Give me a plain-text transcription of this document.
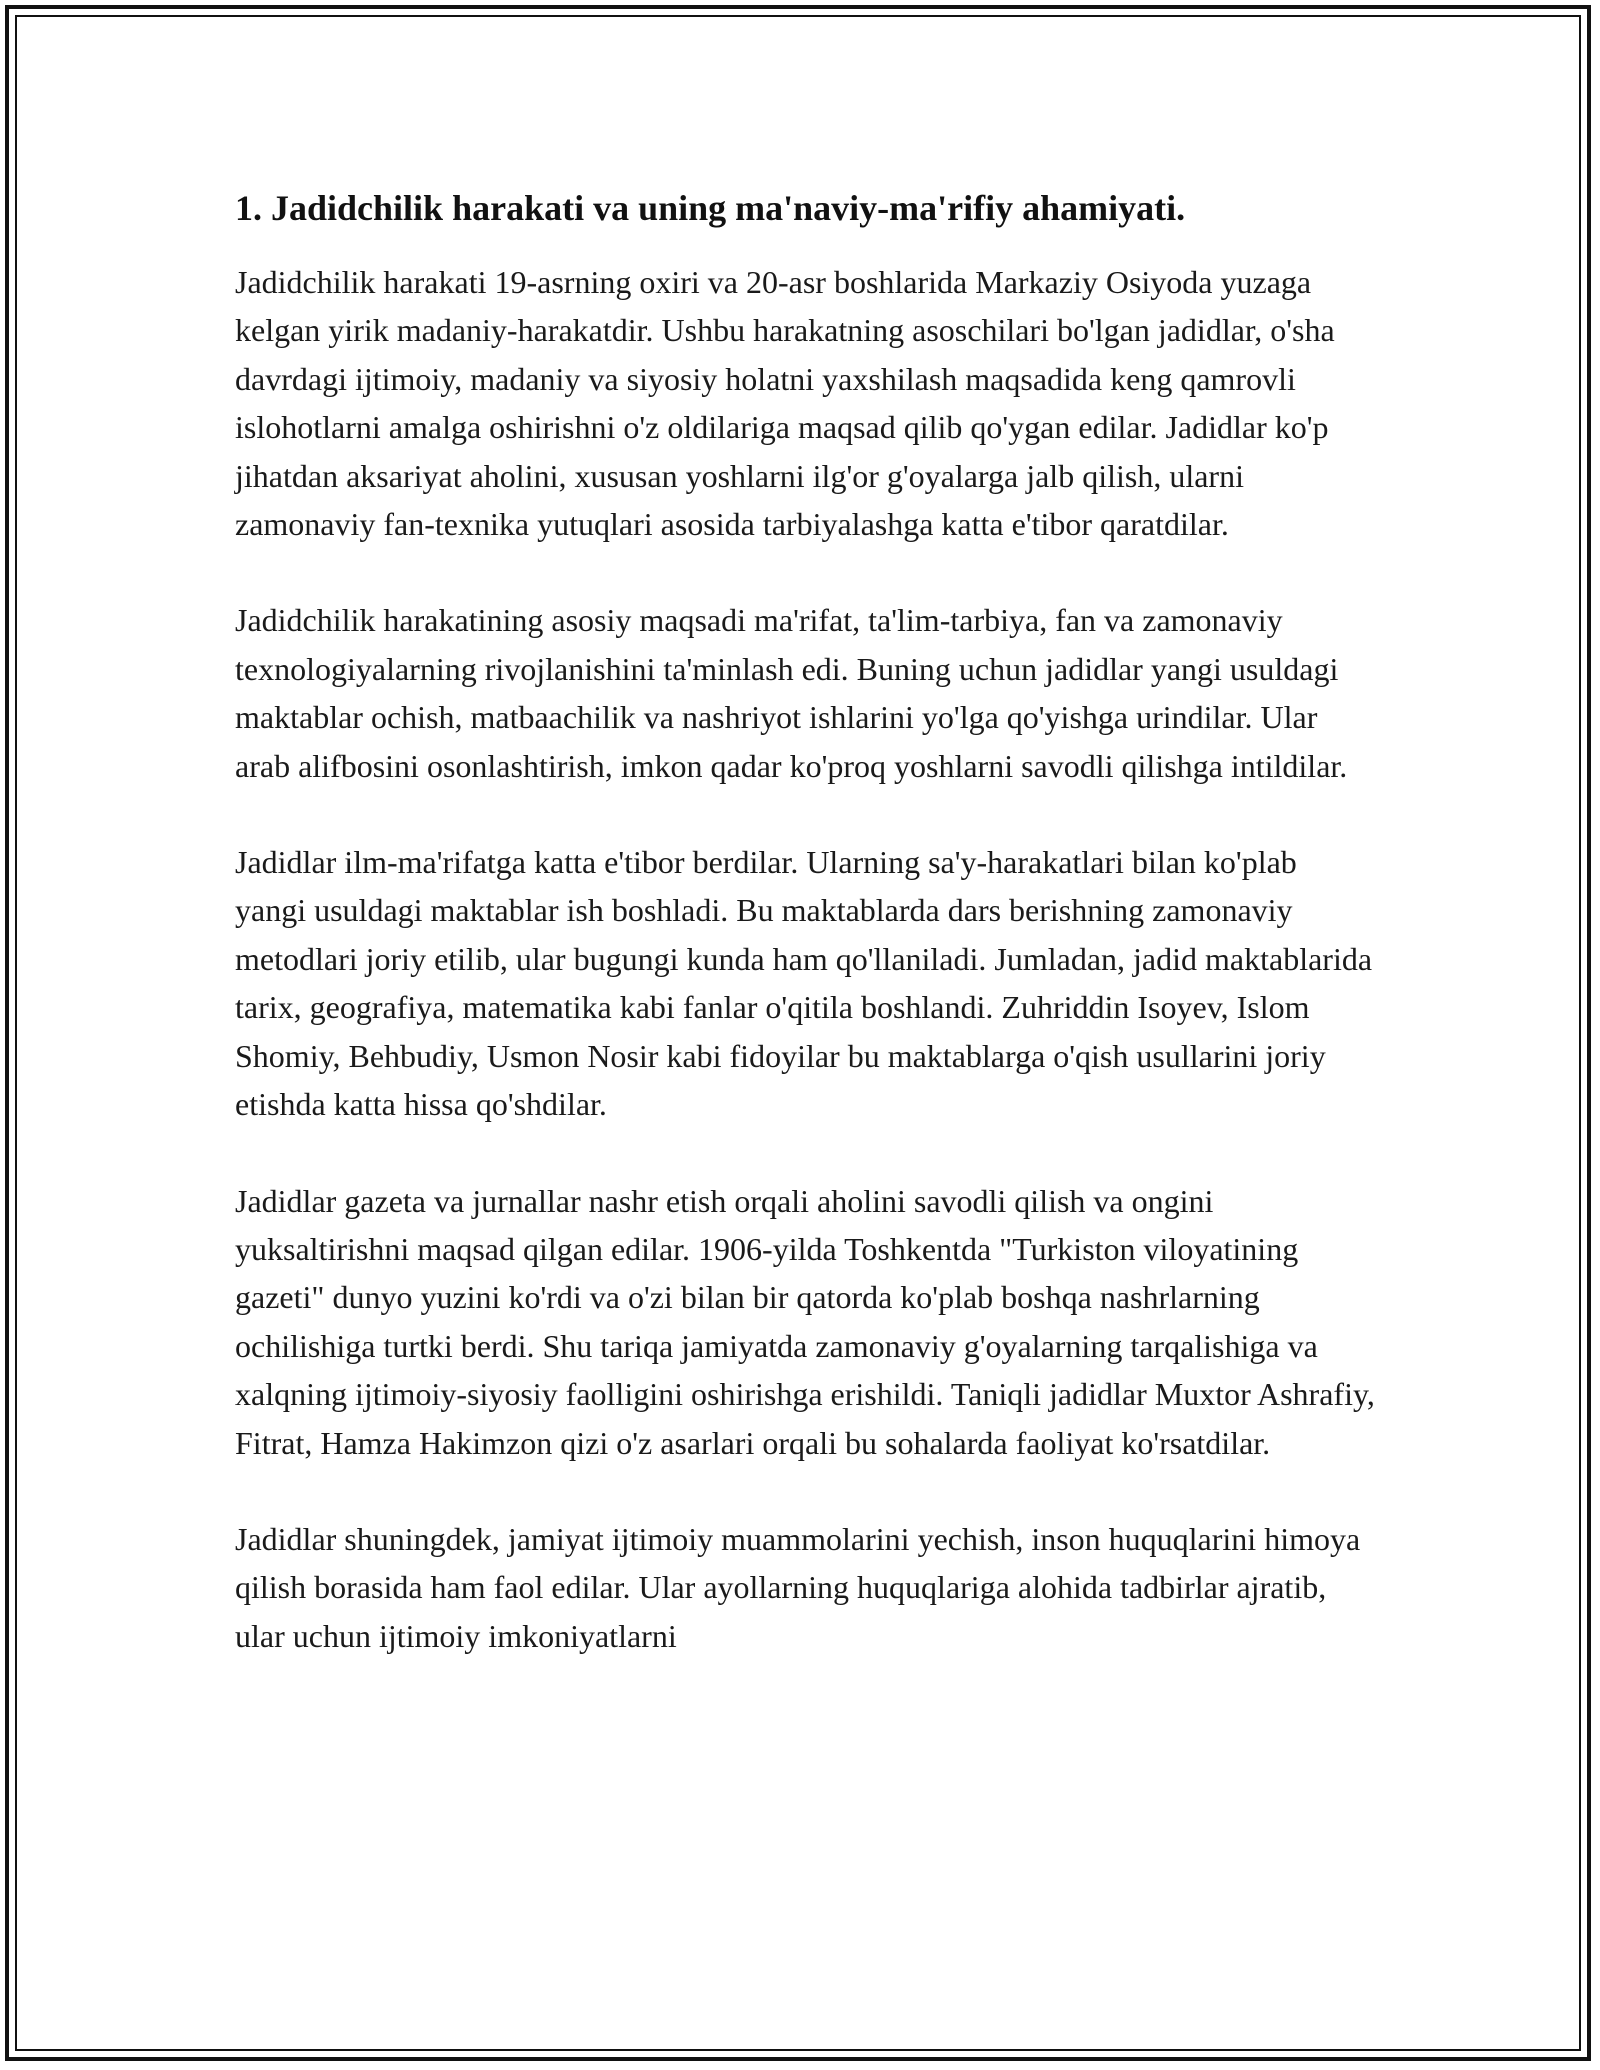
1. Jadidchilik harakati va uning ma'naviy-ma'rifiy ahamiyati.

Jadidchilik harakati 19-asrning oxiri va 20-asr boshlarida Markaziy Osiyoda yuzaga kelgan yirik madaniy-harakatdir. Ushbu harakatning asoschilari bo'lgan jadidlar, o'sha davrdagi ijtimoiy, madaniy va siyosiy holatni yaxshilash maqsadida keng qamrovli islohotlarni amalga oshirishni o'z oldilariga maqsad qilib qo'ygan edilar. Jadidlar ko'p jihatdan aksariyat aholini, xususan yoshlarni ilg'or g'oyalarga jalb qilish, ularni zamonaviy fan-texnika yutuqlari asosida tarbiyalashga katta e'tibor qaratdilar.

Jadidchilik harakatining asosiy maqsadi ma'rifat, ta'lim-tarbiya, fan va zamonaviy texnologiyalarning rivojlanishini ta'minlash edi. Buning uchun jadidlar yangi usuldagi maktablar ochish, matbaachilik va nashriyot ishlarini yo'lga qo'yishga urindilar. Ular arab alifbosini osonlashtirish, imkon qadar ko'proq yoshlarni savodli qilishga intildilar.

Jadidlar ilm-ma'rifatga katta e'tibor berdilar. Ularning sa'y-harakatlari bilan ko'plab yangi usuldagi maktablar ish boshladi. Bu maktablarda dars berishning zamonaviy metodlari joriy etilib, ular bugungi kunda ham qo'llaniladi. Jumladan, jadid maktablarida tarix, geografiya, matematika kabi fanlar o'qitila boshlandi. Zuhriddin Isoyev, Islom Shomiy, Behbudiy, Usmon Nosir kabi fidoyilar bu maktablarga o'qish usullarini joriy etishda katta hissa qo'shdilar.

Jadidlar gazeta va jurnallar nashr etish orqali aholini savodli qilish va ongini yuksaltirishni maqsad qilgan edilar. 1906-yilda Toshkentda "Turkiston viloyatining gazeti" dunyo yuzini ko'rdi va o'zi bilan bir qatorda ko'plab boshqa nashrlarning ochilishiga turtki berdi. Shu tariqa jamiyatda zamonaviy g'oyalarning tarqalishiga va xalqning ijtimoiy-siyosiy faolligini oshirishga erishildi. Taniqli jadidlar Muxtor Ashrafiy, Fitrat, Hamza Hakimzon qizi o'z asarlari orqali bu sohalarda faoliyat ko'rsatdilar.

Jadidlar shuningdek, jamiyat ijtimoiy muammolarini yechish, inson huquqlarini himoya qilish borasida ham faol edilar. Ular ayollarning huquqlariga alohida tadbirlar ajratib, ular uchun ijtimoiy imkoniyatlarni
